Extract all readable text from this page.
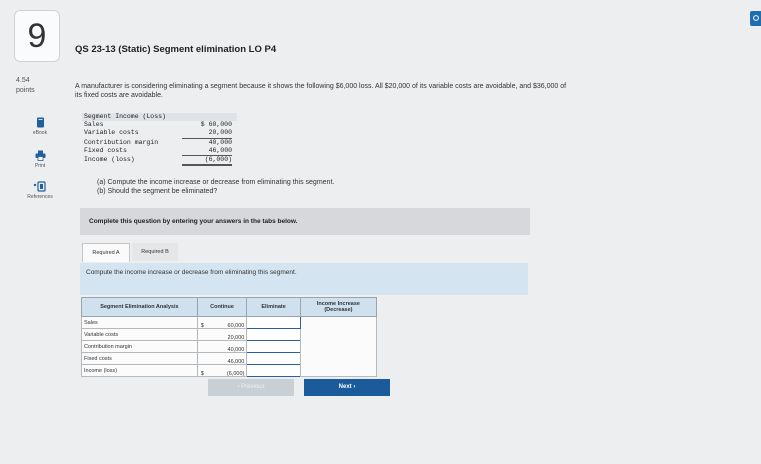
9
4.54
points
eBook
Print
References
QS 23-13 (Static) Segment elimination LO P4
A manufacturer is considering eliminating a segment because it shows the following $6,000 loss. All $20,000 of its variable costs are avoidable, and $36,000 of its fixed costs are avoidable.
Segment Income (Loss)
Sales	$ 60,000
Variable costs	20,000
Contribution margin	40,000
Fixed costs	46,000
Income (loss)	(6,000)
(a) Compute the income increase or decrease from eliminating this segment.
(b) Should the segment be eliminated?
Complete this question by entering your answers in the tabs below.
Required A	Required B
Compute the income increase or decrease from eliminating this segment.
Segment Elimination Analysis	Continue	Eliminate	Income Increase (Decrease)
Sales	$ 60,000		

Variable costs	20,000		

Contribution margin	40,000		

Fixed costs	46,000		

Income (loss)	$ (6,000)		

‹ Previous	Next ›
